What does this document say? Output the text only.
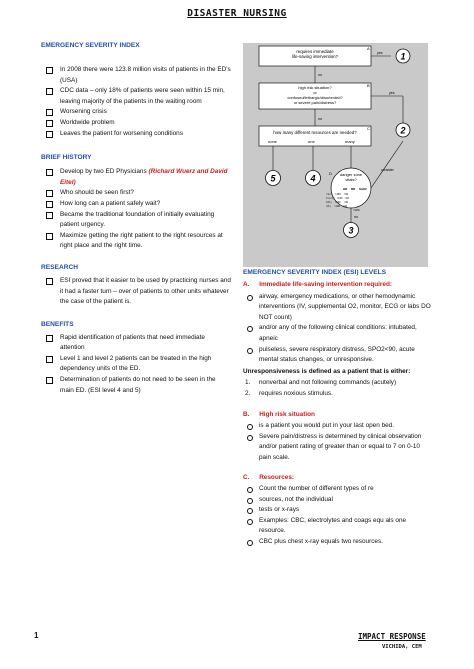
DISASTER NURSING
EMERGENCY SEVERITY INDEX
In 2008 there were 123.8 million visits of patients in the ED's (USA)
CDC data – only 18% of patients were seen within 15 min, leaving majority of the patients in the waiting room
Worsening crisis
Worldwide problem
Leaves the patient for worsening conditions
BRIEF HISTORY
Develop by two ED Physicians (Richard Wuerz and David Eitel)
Who should be seen first?
How long can a patient safely wait?
Became the traditional foundation of initially evaluating patient urgency.
Maximize getting the right patient to the right resources at right place and the right time.
RESEARCH
ESI proved that it easier to be used by practicing nurses and it had a faster turn – over of patients to other units whatever the case of the patient is.
BENEFITS
Rapid identification of patients that need immediate attention
Level 1 and level 2 patients can be treated in the high dependency units of the ED.
Determination of patients do not need to be seen in the main ED. (ESI level 4 and 5)
requires immediate life-saving intervention?
A
yes 1
no
high risk situation? or confused/lethargic/disoriented? or severe pain/distress?
B
yes
2
no
how many different resources are needed?
none	one	many
C
5	4	danger zone vitals?
D
HR RR SaO2
<3 m >180 >50
3 m-3 y >160 >40
3-8 y >140 >30
>8 y >100 >20
<92%
consider
no
3
EMERGENCY SEVERITY INDEX (ESI) LEVELS
A. Immediate life-saving intervention required:
airway, emergency medications, or other hemodynamic interventions (IV, supplemental O2, monitor, ECG or labs DO NOT count)
and/or any of the following clinical conditions: intubated, apneic
pulseless, severe respiratory distress, SPO2<90, acute mental status changes, or unresponsive.
Unresponsiveness is defined as a patient that is either:
1. nonverbal and not following commands (acutely)
2. requires noxious stimulus.
B. High risk situation
is a patient you would put in your last open bed.
Severe pain/distress is determined by clinical observation and/or patient rating of greater than or equal to 7 on 0-10 pain scale.
C. Resources:
Count the number of different types of re
sources, not the individual
tests or x-rays
Examples: CBC, electrolytes and coags equ als one resource.
CBC plus chest x-ray equals two resources.
1	IMPACT RESPONSE
VICHIDA, CEM
